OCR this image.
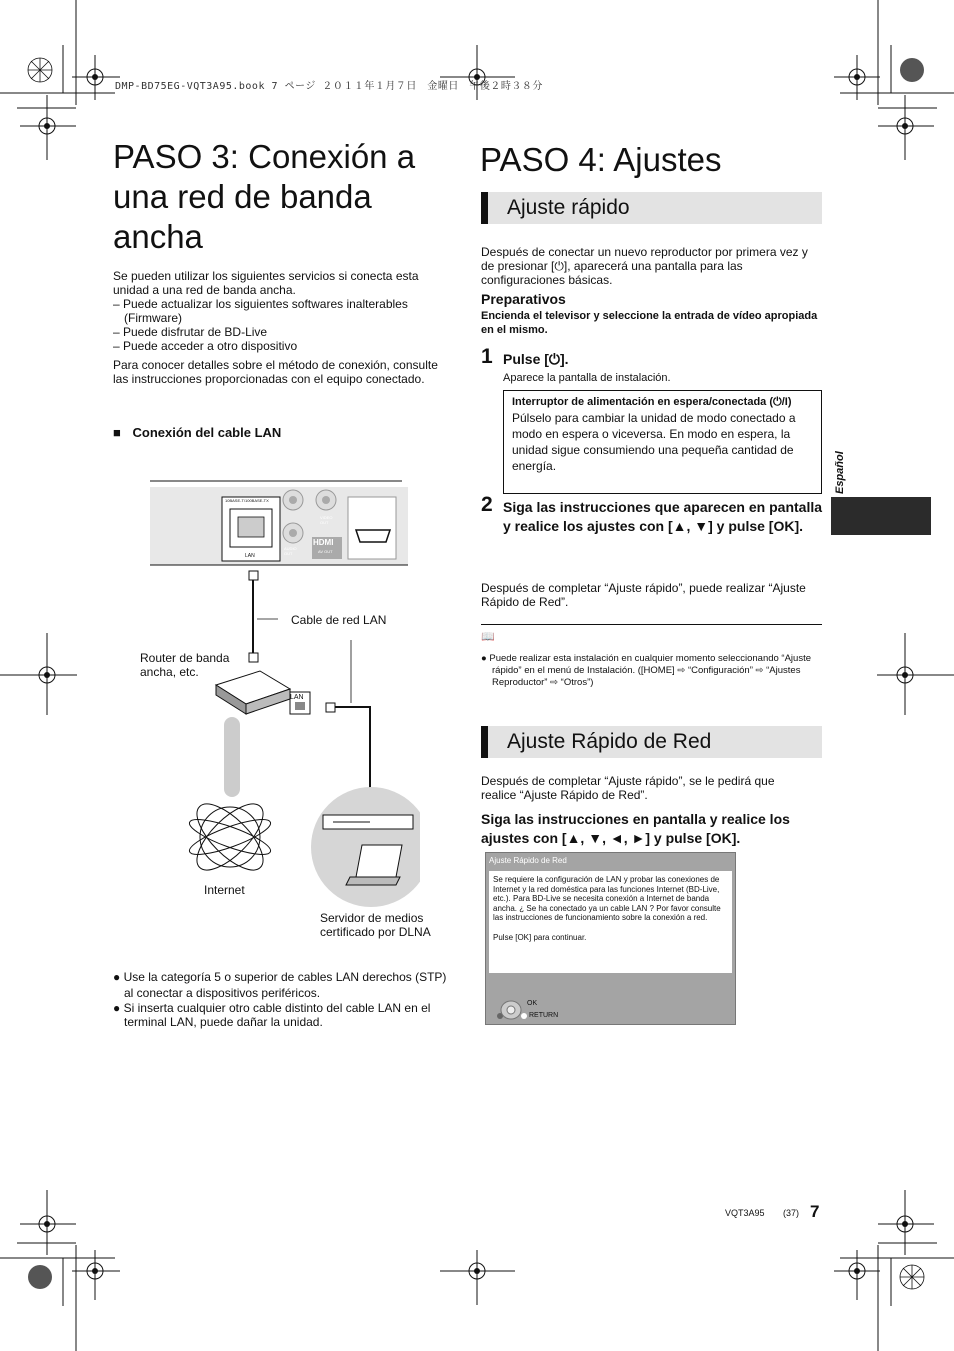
DMP-BD75EG-VQT3A95.book 7 ページ ２０１１年１月７日　金曜日　午後２時３８分
PASO 3: Conexión a una red de banda ancha
Se pueden utilizar los siguientes servicios si conecta esta unidad a una red de banda ancha.
– Puede actualizar los siguientes softwares inalterables (Firmware)
– Puede disfrutar de BD-Live
– Puede acceder a otro dispositivo
Para conocer detalles sobre el método de conexión, consulte las instrucciones proporcionadas con el equipo conectado.
■ Conexión del cable LAN
Cable de red LAN
Router de banda ancha, etc.
Internet
Servidor de medios certificado por DLNA
10BASE-T/100BASE-TX
LAN
LAN
AUDIO OUT
VIDEO OUT
HDMI
AV OUT
● Use la categoría 5 o superior de cables LAN derechos (STP) al conectar a dispositivos periféricos.
● Si inserta cualquier otro cable distinto del cable LAN en el terminal LAN, puede dañar la unidad.
PASO 4: Ajustes
Ajuste rápido
Después de conectar un nuevo reproductor por primera vez y de presionar [⏻], aparecerá una pantalla para las configuraciones básicas.
Preparativos
Encienda el televisor y seleccione la entrada de vídeo apropiada en el mismo.
1 Pulse [⏻].
Aparece la pantalla de instalación.
Interruptor de alimentación en espera/conectada (⏻/I)
Púlselo para cambiar la unidad de modo conectado a modo en espera o viceversa. En modo en espera, la unidad sigue consumiendo una pequeña cantidad de energía.
2 Siga las instrucciones que aparecen en pantalla y realice los ajustes con [▲, ▼] y pulse [OK].
Después de completar “Ajuste rápido”, puede realizar “Ajuste Rápido de Red”.
📖
● Puede realizar esta instalación en cualquier momento seleccionando “Ajuste rápido” en el menú de Instalación. ([HOME] ⇨ “Configuración” ⇨ “Ajustes Reproductor” ⇨ “Otros”)
Ajuste Rápido de Red
Después de completar “Ajuste rápido”, se le pedirá que realice “Ajuste Rápido de Red”.
Siga las instrucciones en pantalla y realice los ajustes con [▲, ▼, ◄, ►] y pulse [OK].
Ajuste Rápido de Red
Se requiere la configuración de LAN y probar las conexiones de Internet y la red doméstica para las funciones Internet (BD-Live, etc.). Para BD-Live se necesita conexión a Internet de banda ancha. ¿ Se ha conectado ya un cable LAN ? Por favor consulte las instrucciones de funcionamiento sobre la conexión a red.
Pulse [OK] para continuar.
OK
RETURN
Español
VQT3A95 (37) 7
